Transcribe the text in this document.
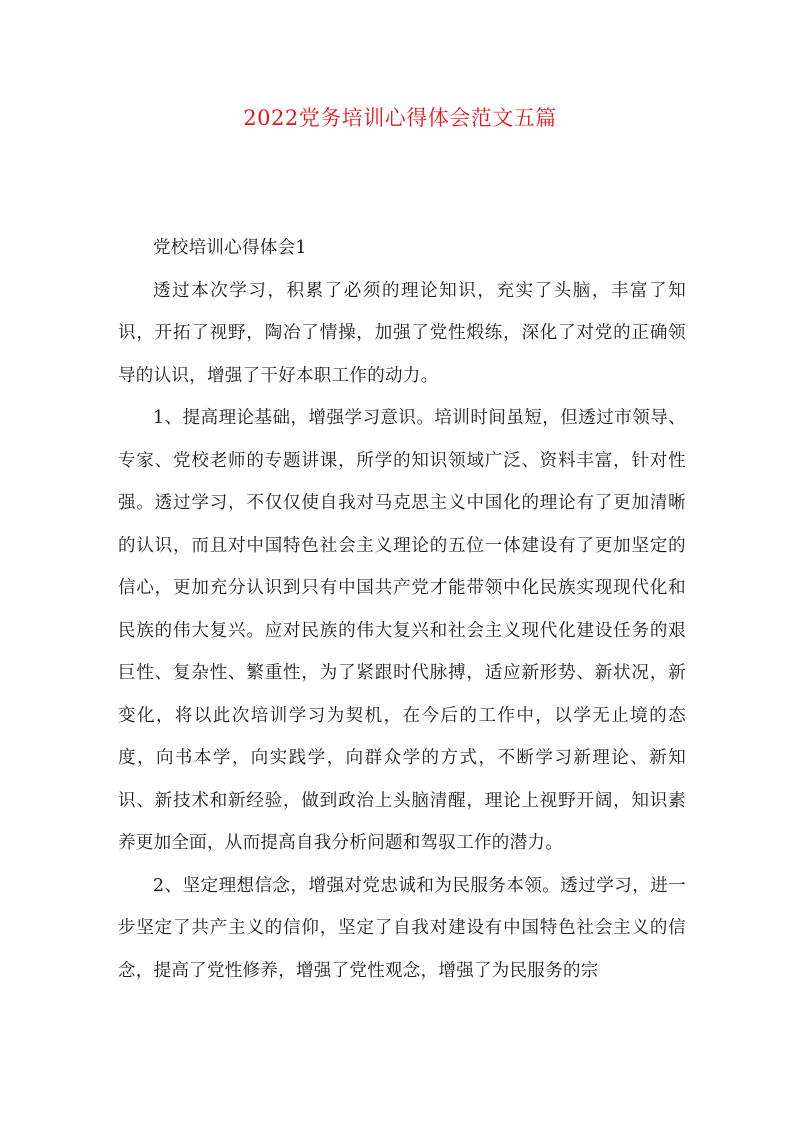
2022党务培训心得体会范文五篇

党校培训心得体会1

透过本次学习，积累了必须的理论知识，充实了头脑，丰富了知识，开拓了视野，陶冶了情操，加强了党性煅练，深化了对党的正确领导的认识，增强了干好本职工作的动力。

1、提高理论基础，增强学习意识。培训时间虽短，但透过市领导、专家、党校老师的专题讲课，所学的知识领域广泛、资料丰富，针对性强。透过学习，不仅仅使自我对马克思主义中国化的理论有了更加清晰的认识，而且对中国特色社会主义理论的五位一体建设有了更加坚定的信心，更加充分认识到只有中国共产党才能带领中化民族实现现代化和民族的伟大复兴。应对民族的伟大复兴和社会主义现代化建设任务的艰巨性、复杂性、繁重性，为了紧跟时代脉搏，适应新形势、新状况，新变化，将以此次培训学习为契机，在今后的工作中，以学无止境的态度，向书本学，向实践学，向群众学的方式，不断学习新理论、新知识、新技术和新经验，做到政治上头脑清醒，理论上视野开阔，知识素养更加全面，从而提高自我分析问题和驾驭工作的潜力。

2、坚定理想信念，增强对党忠诚和为民服务本领。透过学习，进一步坚定了共产主义的信仰，坚定了自我对建设有中国特色社会主义的信念，提高了党性修养，增强了党性观念，增强了为民服务的宗
